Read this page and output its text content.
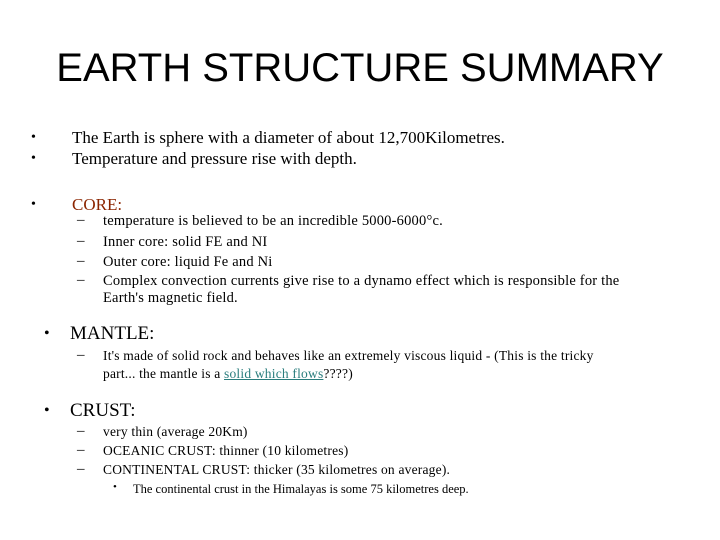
EARTH STRUCTURE SUMMARY
• The Earth is sphere with a diameter of about 12,700Kilometres.
• Temperature and pressure rise with depth.
• CORE:
– temperature is believed to be an incredible 5000-6000°c.
– Inner core: solid FE and NI
– Outer core: liquid Fe and Ni
– Complex convection currents give rise to a dynamo effect which is responsible for the
Earth's magnetic field.
• MANTLE:
– It's made of solid rock and behaves like an extremely viscous liquid - (This is the tricky
part... the mantle is a solid which flows????)
• CRUST:
– very thin (average 20Km)
– OCEANIC CRUST: thinner (10 kilometres)
– CONTINENTAL CRUST: thicker (35 kilometres on average).
• The continental crust in the Himalayas is some 75 kilometres deep.
